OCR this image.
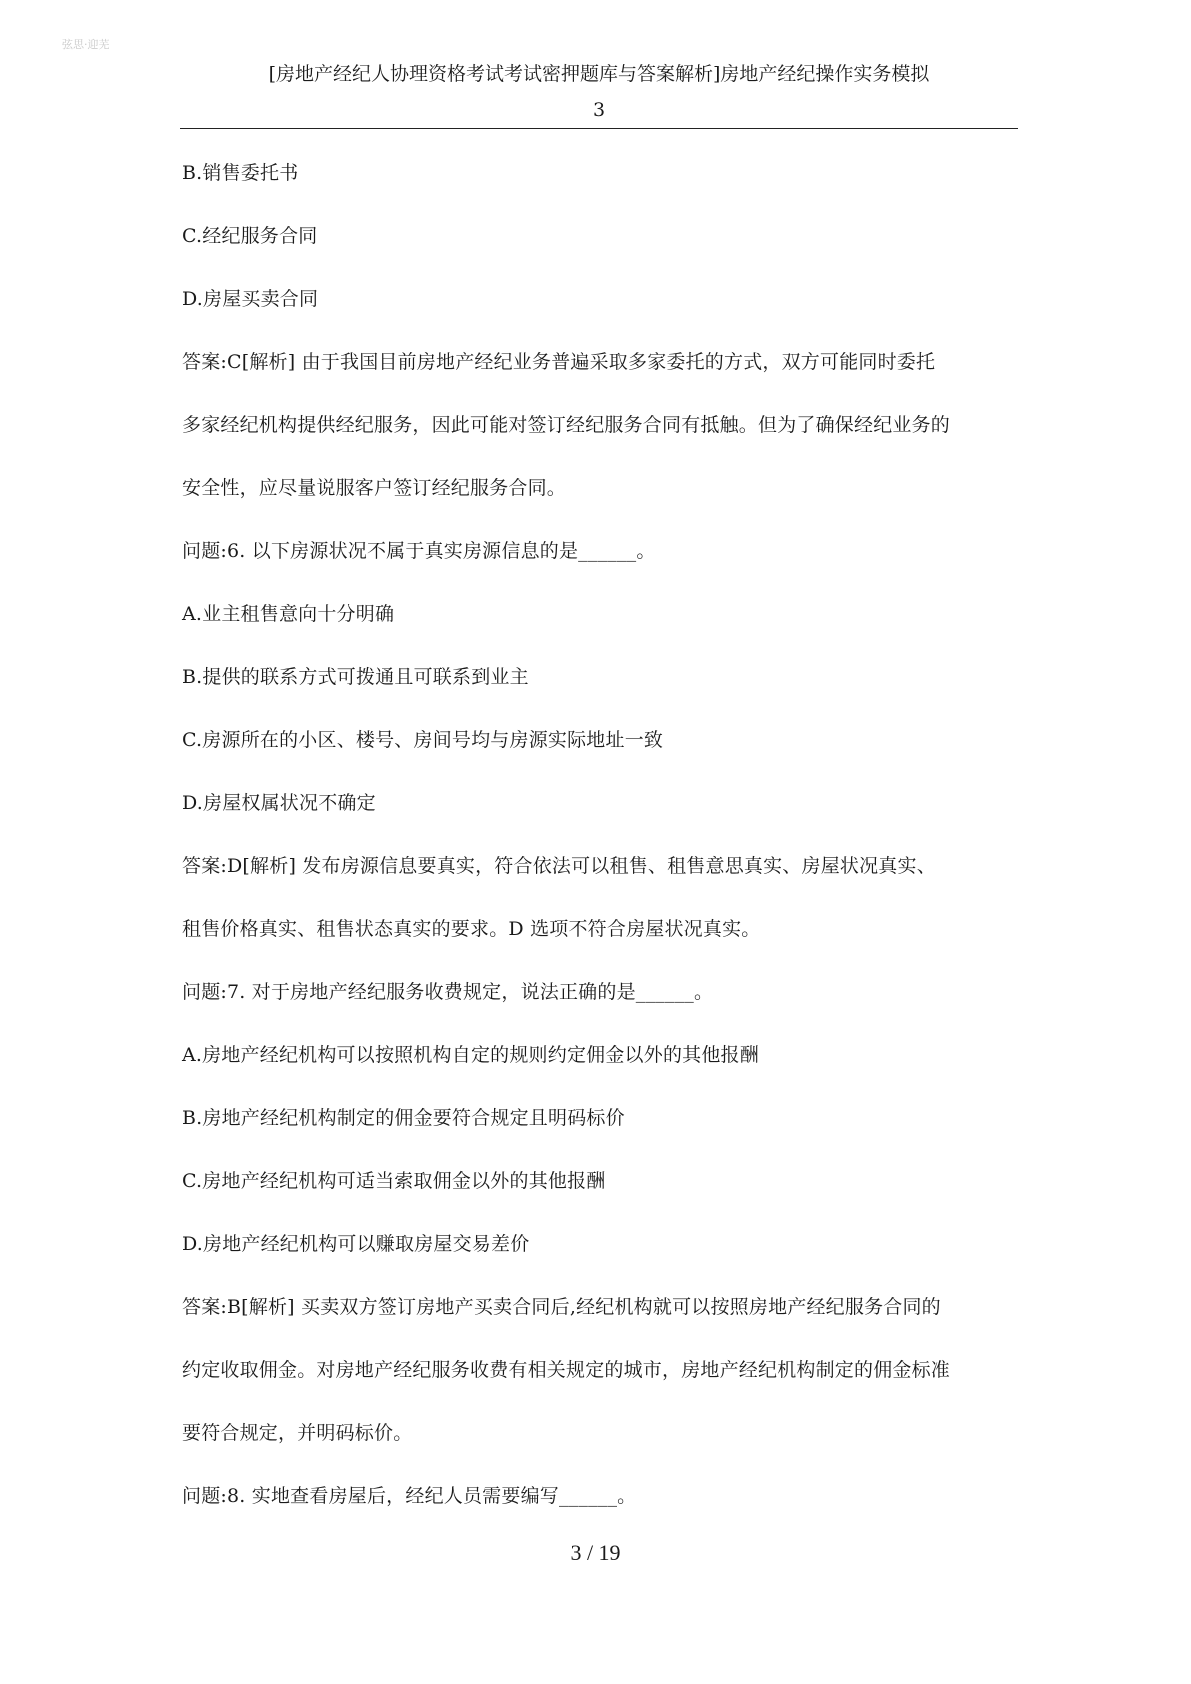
弦思·迎芜
[房地产经纪人协理资格考试考试密押题库与答案解析]房地产经纪操作实务模拟
3
B.销售委托书
C.经纪服务合同
D.房屋买卖合同
答案:C[解析] 由于我国目前房地产经纪业务普遍采取多家委托的方式，双方可能同时委托
多家经纪机构提供经纪服务，因此可能对签订经纪服务合同有抵触。但为了确保经纪业务的
安全性，应尽量说服客户签订经纪服务合同。
问题:6. 以下房源状况不属于真实房源信息的是______。
A.业主租售意向十分明确
B.提供的联系方式可拨通且可联系到业主
C.房源所在的小区、楼号、房间号均与房源实际地址一致
D.房屋权属状况不确定
答案:D[解析] 发布房源信息要真实，符合依法可以租售、租售意思真实、房屋状况真实、
租售价格真实、租售状态真实的要求。D 选项不符合房屋状况真实。
问题:7. 对于房地产经纪服务收费规定，说法正确的是______。
A.房地产经纪机构可以按照机构自定的规则约定佣金以外的其他报酬
B.房地产经纪机构制定的佣金要符合规定且明码标价
C.房地产经纪机构可适当索取佣金以外的其他报酬
D.房地产经纪机构可以赚取房屋交易差价
答案:B[解析] 买卖双方签订房地产买卖合同后,经纪机构就可以按照房地产经纪服务合同的
约定收取佣金。对房地产经纪服务收费有相关规定的城市，房地产经纪机构制定的佣金标准
要符合规定，并明码标价。
问题:8. 实地查看房屋后，经纪人员需要编写______。
3 / 19
